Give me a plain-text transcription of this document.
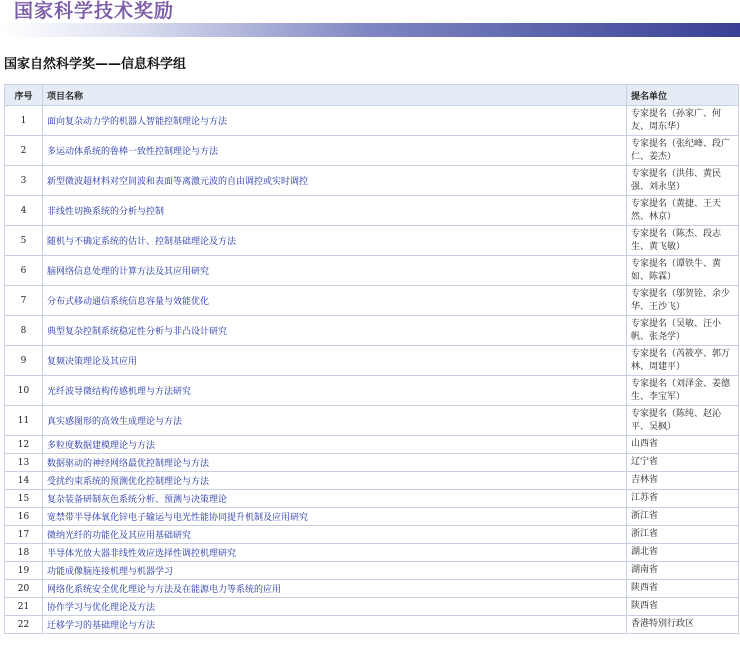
国家科学技术奖励
国家自然科学奖——信息科学组
序号	项目名称	提名单位
1	面向复杂动力学的机器人智能控制理论与方法	专家提名（孙家广、何友、周东华）
2	多运动体系统的鲁棒一致性控制理论与方法	专家提名（张纪峰、段广仁、姜杰）
3	新型微波超材料对空间波和表面等离激元波的自由调控或实时调控	专家提名（洪伟、黄民强、刘永坚）
4	非线性切换系统的分析与控制	专家提名（黄捷、王天然、林京）
5	随机与不确定系统的估计、控制基础理论及方法	专家提名（陈杰、段志生、黄飞敏）
6	脑网络信息处理的计算方法及其应用研究	专家提名（谭铁牛、黄如、陈霖）
7	分布式移动通信系统信息容量与效能优化	专家提名（邬贺铨、余少华、王沙飞）
8	典型复杂控制系统稳定性分析与非凸设计研究	专家提名（吴敏、汪小帆、张尧学）
9	复频决策理论及其应用	专家提名（芮筱亭、郭万林、周建平）
10	光纤波导微结构传感机理与方法研究	专家提名（刘泽金、姜德生、李宝军）
11	真实感图形的高效生成理论与方法	专家提名（陈纯、赵沁平、吴枫）
12	多粒度数据建模理论与方法	山西省
13	数据驱动的神经网络最优控制理论与方法	辽宁省
14	受扰约束系统的预测优化控制理论与方法	吉林省
15	复杂装备研制灰色系统分析、预测与决策理论	江苏省
16	宽禁带半导体氧化锌电子输运与电光性能协同提升机制及应用研究	浙江省
17	微纳光纤的功能化及其应用基础研究	浙江省
18	半导体光放大器非线性效应选择性调控机理研究	湖北省
19	功能成像脑连接机理与机器学习	湖南省
20	网络化系统安全优化理论与方法及在能源电力等系统的应用	陕西省
21	协作学习与优化理论及方法	陕西省
22	迁移学习的基础理论与方法	香港特别行政区
